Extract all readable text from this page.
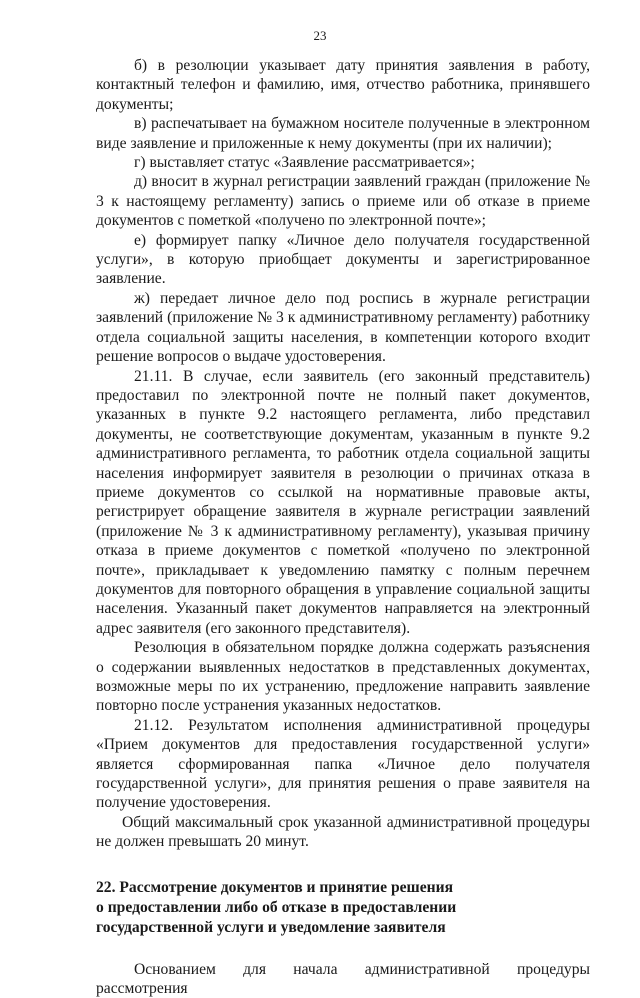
23

б) в резолюции указывает дату принятия заявления в работу, контактный телефон и фамилию, имя, отчество работника, принявшего документы;

в) распечатывает на бумажном носителе полученные в электронном виде заявление и приложенные к нему документы (при их наличии);

г) выставляет статус «Заявление рассматривается»;

д) вносит в журнал регистрации заявлений граждан (приложение № 3 к настоящему регламенту) запись о приеме или об отказе в приеме документов с пометкой «получено по электронной почте»;

е) формирует папку «Личное дело получателя государственной услуги», в которую приобщает документы и зарегистрированное заявление.

ж) передает личное дело под роспись в журнале регистрации заявлений (приложение № 3 к административному регламенту) работнику отдела социальной защиты населения, в компетенции которого входит решение вопросов о выдаче удостоверения.

21.11. В случае, если заявитель (его законный представитель) предоставил по электронной почте не полный пакет документов, указанных в пункте 9.2 настоящего регламента, либо представил документы, не соответствующие документам, указанным в пункте 9.2 административного регламента, то работник отдела социальной защиты населения информирует заявителя в резолюции о причинах отказа в приеме документов со ссылкой на нормативные правовые акты, регистрирует обращение заявителя в журнале регистрации заявлений (приложение № 3 к административному регламенту), указывая причину отказа в приеме документов с пометкой «получено по электронной почте», прикладывает к уведомлению памятку с полным перечнем документов для повторного обращения в управление социальной защиты населения. Указанный пакет документов направляется на электронный адрес заявителя (его законного представителя).

Резолюция в обязательном порядке должна содержать разъяснения о содержании выявленных недостатков в представленных документах, возможные меры по их устранению, предложение направить заявление повторно после устранения указанных недостатков.

21.12. Результатом исполнения административной процедуры «Прием документов для предоставления государственной услуги» является сформированная папка «Личное дело получателя государственной услуги», для принятия решения о праве заявителя на получение удостоверения.

Общий максимальный срок указанной административной процедуры не должен превышать 20 минут.

22. Рассмотрение документов и принятие решения
о предоставлении либо об отказе в предоставлении
государственной услуги и уведомление заявителя

Основанием для начала административной процедуры рассмотрения
